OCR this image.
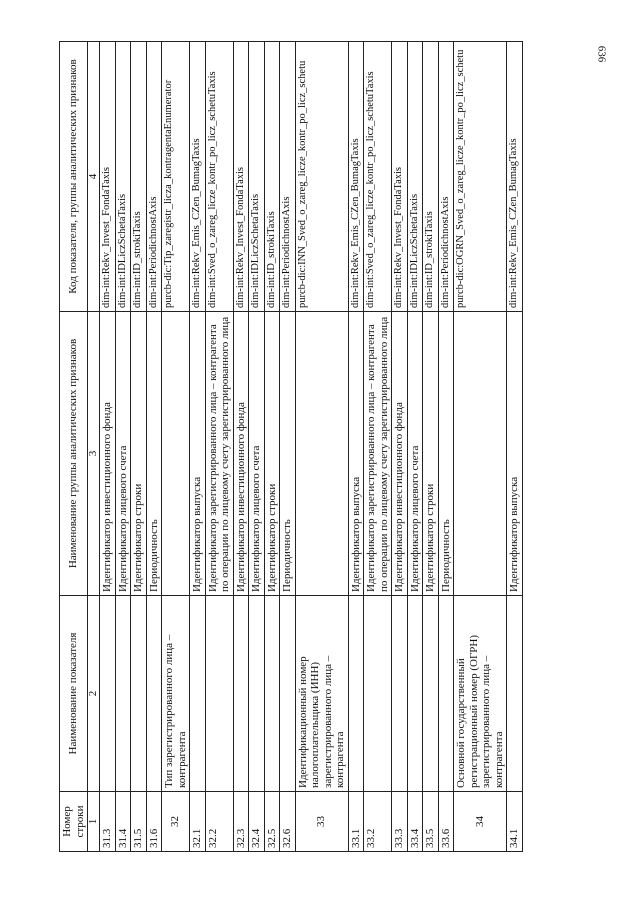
636
Номер строки	Наименование показателя	Наименование группы аналитических признаков	Код показателя, группы аналитических признаков
1	2	3	4
31.3		Идентификатор инвестиционного фонда	dim-int:Rekv_Invest_FondaTaxis
31.4		Идентификатор лицевого счета	dim-int:IDLiczSchetaTaxis
31.5		Идентификатор строки	dim-int:ID_strokiTaxis
31.6		Периодичность	dim-int:PeriodichnostAxis
32	Тип зарегистрированного лица – контрагента		purcb-dic:Tip_zaregistr_licza_kontragentaEnumerator
32.1		Идентификатор выпуска	dim-int:Rekv_Emis_CZen_BumagTaxis
32.2		Идентификатор зарегистрированного лица – контрагента по операции по лицевому счету зарегистрированного лица	dim-int:Sved_o_zareg_licze_kontr_po_licz_schetuTaxis
32.3		Идентификатор инвестиционного фонда	dim-int:Rekv_Invest_FondaTaxis
32.4		Идентификатор лицевого счета	dim-int:IDLiczSchetaTaxis
32.5		Идентификатор строки	dim-int:ID_strokiTaxis
32.6		Периодичность	dim-int:PeriodichnostAxis
33	Идентификационный номер налогоплательщика (ИНН) зарегистрированного лица – контрагента		purcb-dic:INN_Sved_o_zareg_licze_kontr_po_licz_schetu
33.1		Идентификатор выпуска	dim-int:Rekv_Emis_CZen_BumagTaxis
33.2		Идентификатор зарегистрированного лица – контрагента по операции по лицевому счету зарегистрированного лица	dim-int:Sved_o_zareg_licze_kontr_po_licz_schetuTaxis
33.3		Идентификатор инвестиционного фонда	dim-int:Rekv_Invest_FondaTaxis
33.4		Идентификатор лицевого счета	dim-int:IDLiczSchetaTaxis
33.5		Идентификатор строки	dim-int:ID_strokiTaxis
33.6		Периодичность	dim-int:PeriodichnostAxis
34	Основной государственный регистрационный номер (ОГРН) зарегистрированного лица – контрагента		purcb-dic:OGRN_Sved_o_zareg_licze_kontr_po_licz_schetu
34.1		Идентификатор выпуска	dim-int:Rekv_Emis_CZen_BumagTaxis
